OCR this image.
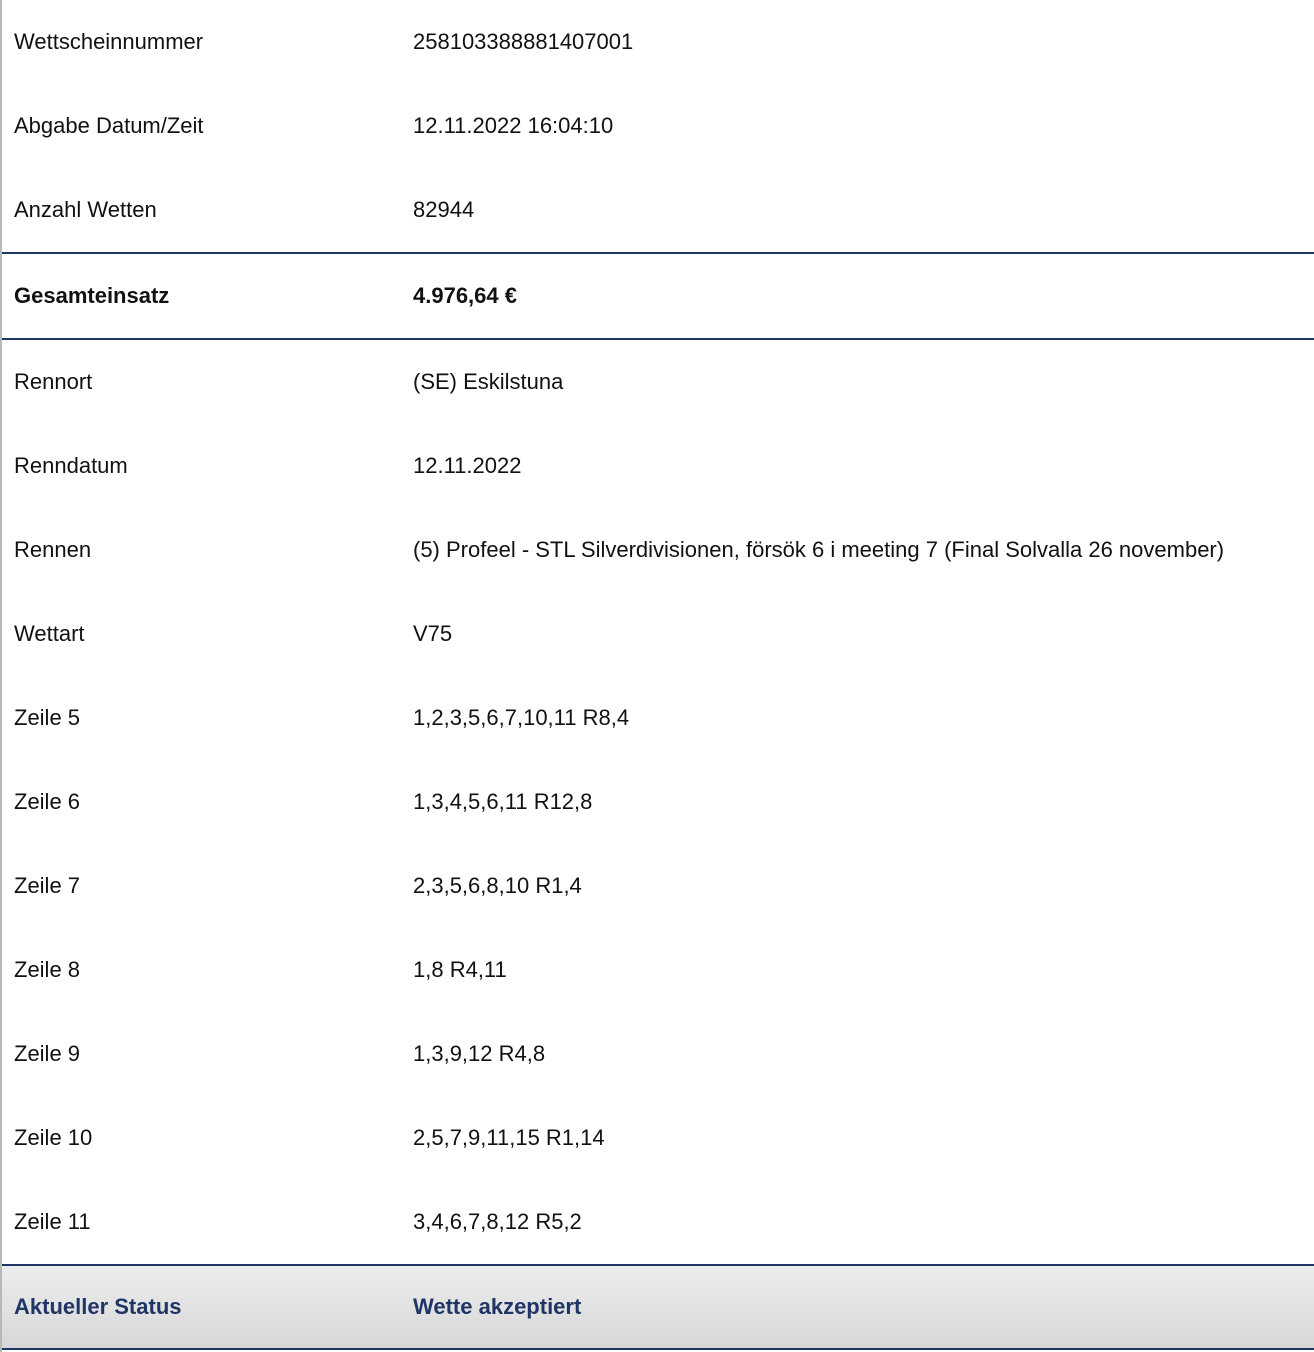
Wettscheinnummer	258103388881407001
Abgabe Datum/Zeit	12.11.2022 16:04:10
Anzahl Wetten	82944
Gesamteinsatz	4.976,64 €
Rennort	(SE) Eskilstuna
Renndatum	12.11.2022
Rennen	(5) Profeel - STL Silverdivisionen, försök 6 i meeting 7 (Final Solvalla 26 november)
Wettart	V75
Zeile 5	1,2,3,5,6,7,10,11 R8,4
Zeile 6	1,3,4,5,6,11 R12,8
Zeile 7	2,3,5,6,8,10 R1,4
Zeile 8	1,8 R4,11
Zeile 9	1,3,9,12 R4,8
Zeile 10	2,5,7,9,11,15 R1,14
Zeile 11	3,4,6,7,8,12 R5,2
Aktueller Status	Wette akzeptiert
